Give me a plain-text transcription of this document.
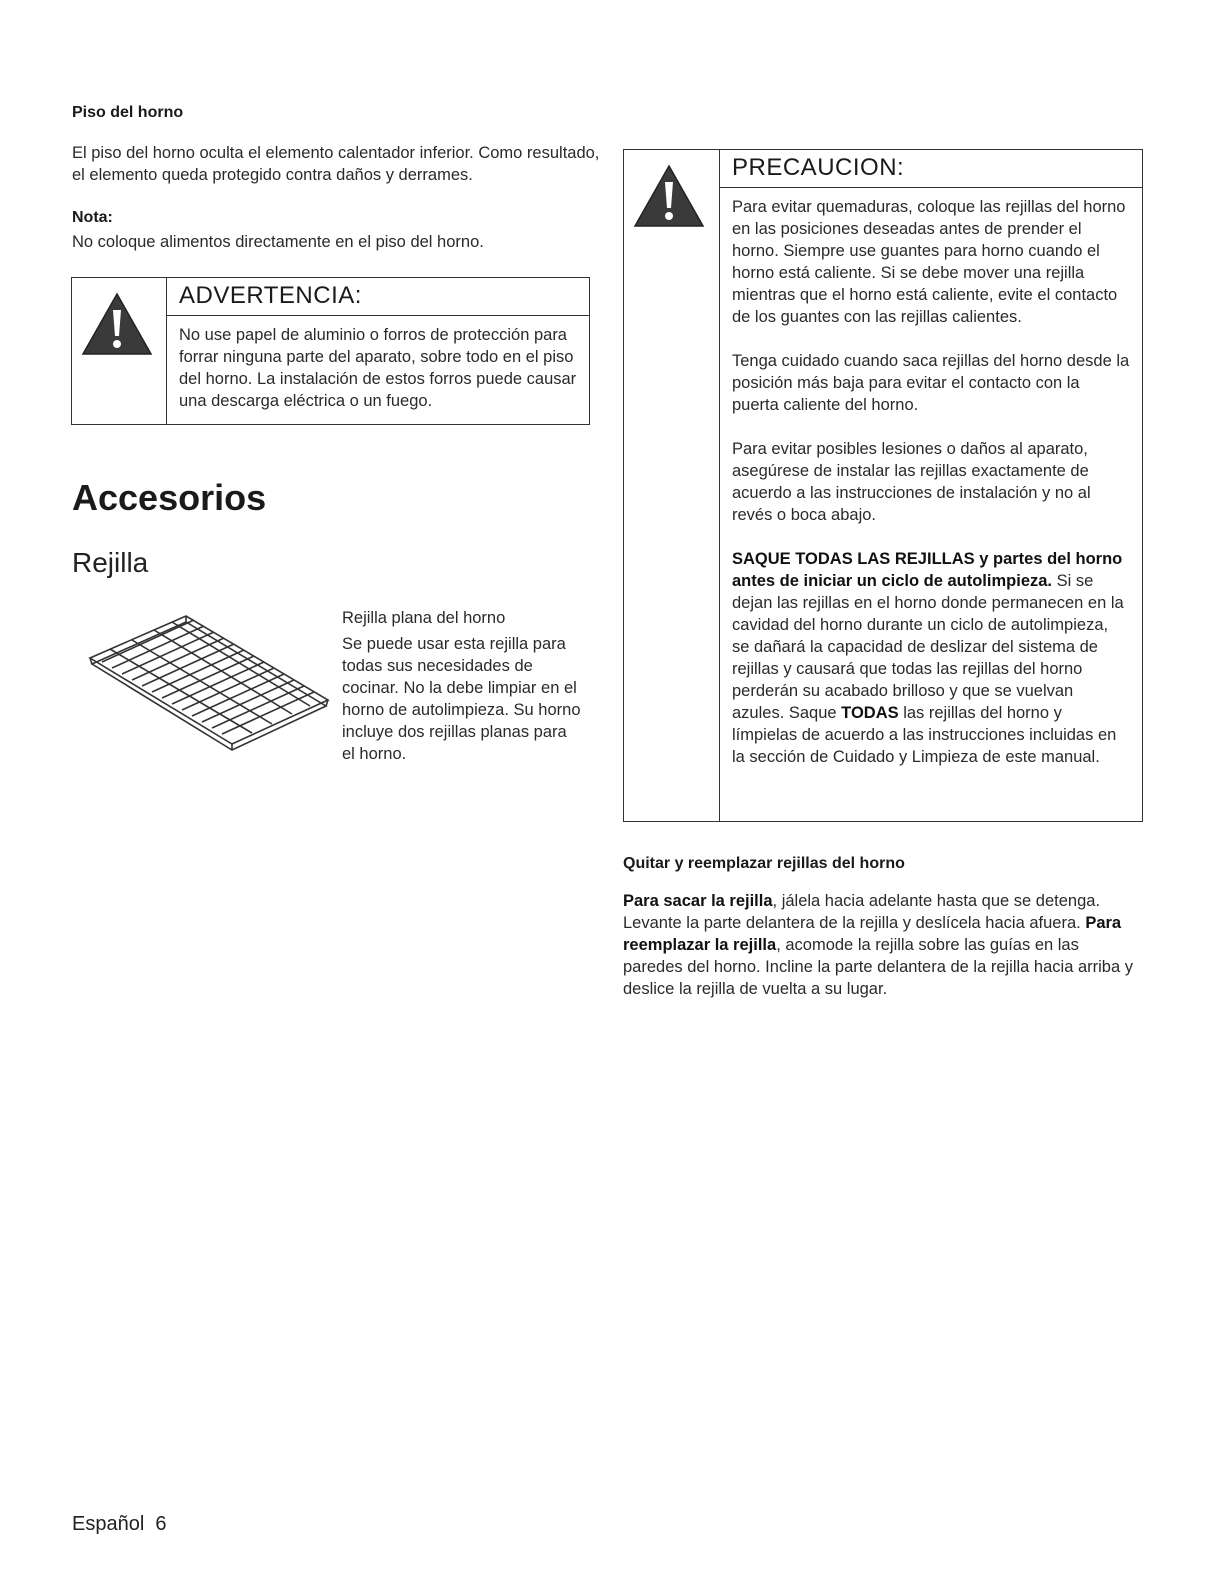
Piso del horno
El piso del horno oculta el elemento calentador inferior. Como resultado, el elemento queda protegido contra daños y derrames.
Nota:
No coloque alimentos directamente en el piso del horno.
ADVERTENCIA:
No use papel de aluminio o forros de protección para forrar ninguna parte del aparato, sobre todo en el piso del horno. La instalación de estos forros puede causar una descarga eléctrica o un fuego.
Accesorios
Rejilla
Rejilla plana del horno
Se puede usar esta rejilla para todas sus necesidades de cocinar. No la debe limpiar en el horno de autolimpieza. Su horno incluye dos rejillas planas para el horno.
PRECAUCION:

Para evitar quemaduras, coloque las rejillas del horno en las posiciones deseadas antes de prender el horno. Siempre use guantes para horno cuando el horno está caliente. Si se debe mover una rejilla mientras que el horno está caliente, evite el contacto de los guantes con las rejillas calientes.

Tenga cuidado cuando saca rejillas del horno desde la posición más baja para evitar el contacto con la puerta caliente del horno.

Para evitar posibles lesiones o daños al aparato, asegúrese de instalar las rejillas exactamente de acuerdo a las instrucciones de instalación y no al revés o boca abajo.

SAQUE TODAS LAS REJILLAS y partes del horno antes de iniciar un ciclo de autolimpieza. Si se dejan las rejillas en el horno donde permanecen en la cavidad del horno durante un ciclo de autolimpieza, se dañará la capacidad de deslizar del sistema de rejillas y causará que todas las rejillas del horno perderán su acabado brilloso y que se vuelvan azules. Saque TODAS las rejillas del horno y límpielas de acuerdo a las instrucciones incluidas en la sección de Cuidado y Limpieza de este manual.

Quitar y reemplazar rejillas del horno
Para sacar la rejilla, jálela hacia adelante hasta que se detenga. Levante la parte delantera de la rejilla y deslícela hacia afuera. Para reemplazar la rejilla, acomode la rejilla sobre las guías en las paredes del horno. Incline la parte delantera de la rejilla hacia arriba y deslice la rejilla de vuelta a su lugar.
Español  6
